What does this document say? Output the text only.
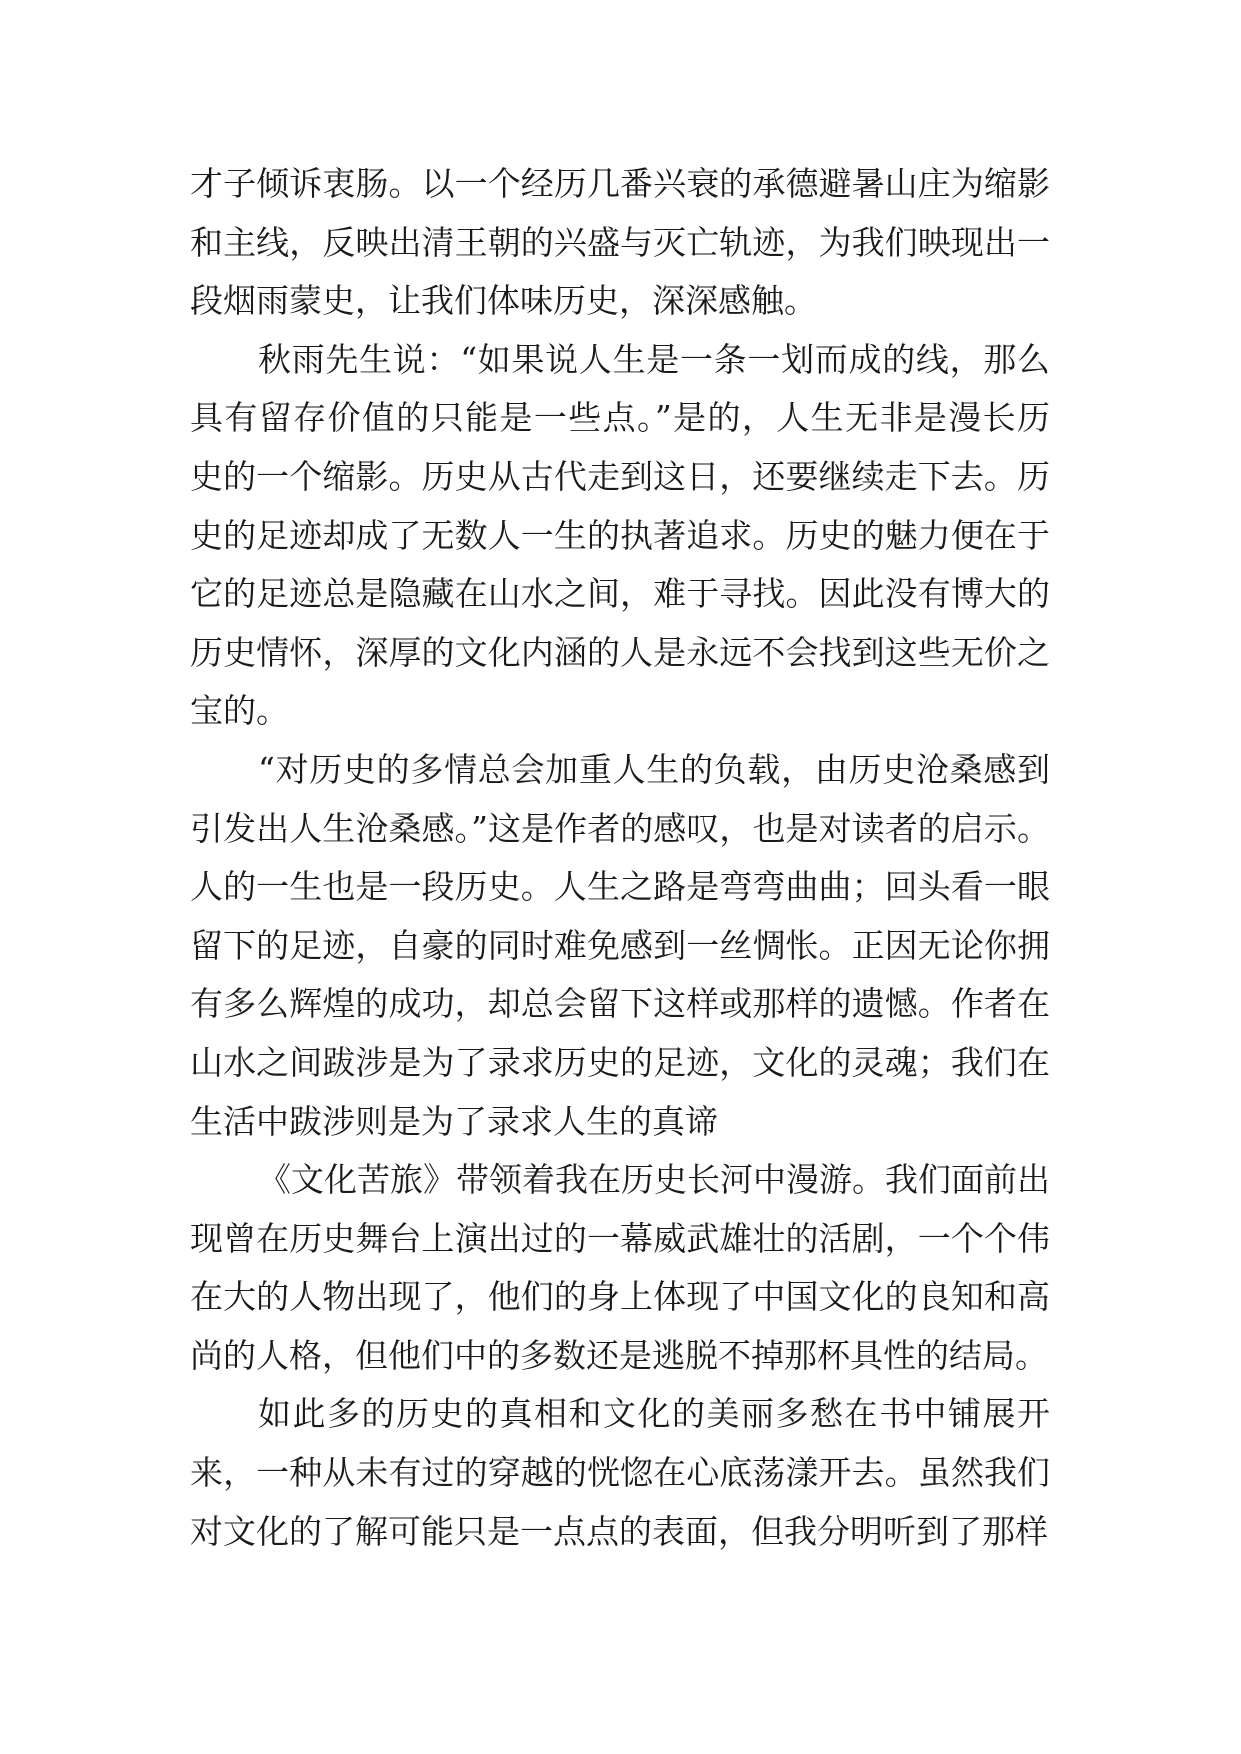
才子倾诉衷肠。以一个经历几番兴衰的承德避暑山庄为缩影
和主线，反映出清王朝的兴盛与灭亡轨迹，为我们映现出一
段烟雨蒙史，让我们体味历史，深深感触。
秋雨先生说：“如果说人生是一条一划而成的线，那么
具有留存价值的只能是一些点。”是的，人生无非是漫长历
史的一个缩影。历史从古代走到这日，还要继续走下去。历
史的足迹却成了无数人一生的执著追求。历史的魅力便在于
它的足迹总是隐藏在山水之间，难于寻找。因此没有博大的
历史情怀，深厚的文化内涵的人是永远不会找到这些无价之
宝的。
“对历史的多情总会加重人生的负载，由历史沧桑感到
引发出人生沧桑感。”这是作者的感叹，也是对读者的启示。
人的一生也是一段历史。人生之路是弯弯曲曲；回头看一眼
留下的足迹，自豪的同时难免感到一丝惆怅。正因无论你拥
有多么辉煌的成功，却总会留下这样或那样的遗憾。作者在
山水之间跋涉是为了录求历史的足迹，文化的灵魂；我们在
生活中跋涉则是为了录求人生的真谛
《文化苦旅》带领着我在历史长河中漫游。我们面前出
现曾在历史舞台上演出过的一幕威武雄壮的活剧，一个个伟
在大的人物出现了，他们的身上体现了中国文化的良知和高
尚的人格，但他们中的多数还是逃脱不掉那杯具性的结局。
如此多的历史的真相和文化的美丽多愁在书中铺展开
来，一种从未有过的穿越的恍惚在心底荡漾开去。虽然我们
对文化的了解可能只是一点点的表面，但我分明听到了那样
